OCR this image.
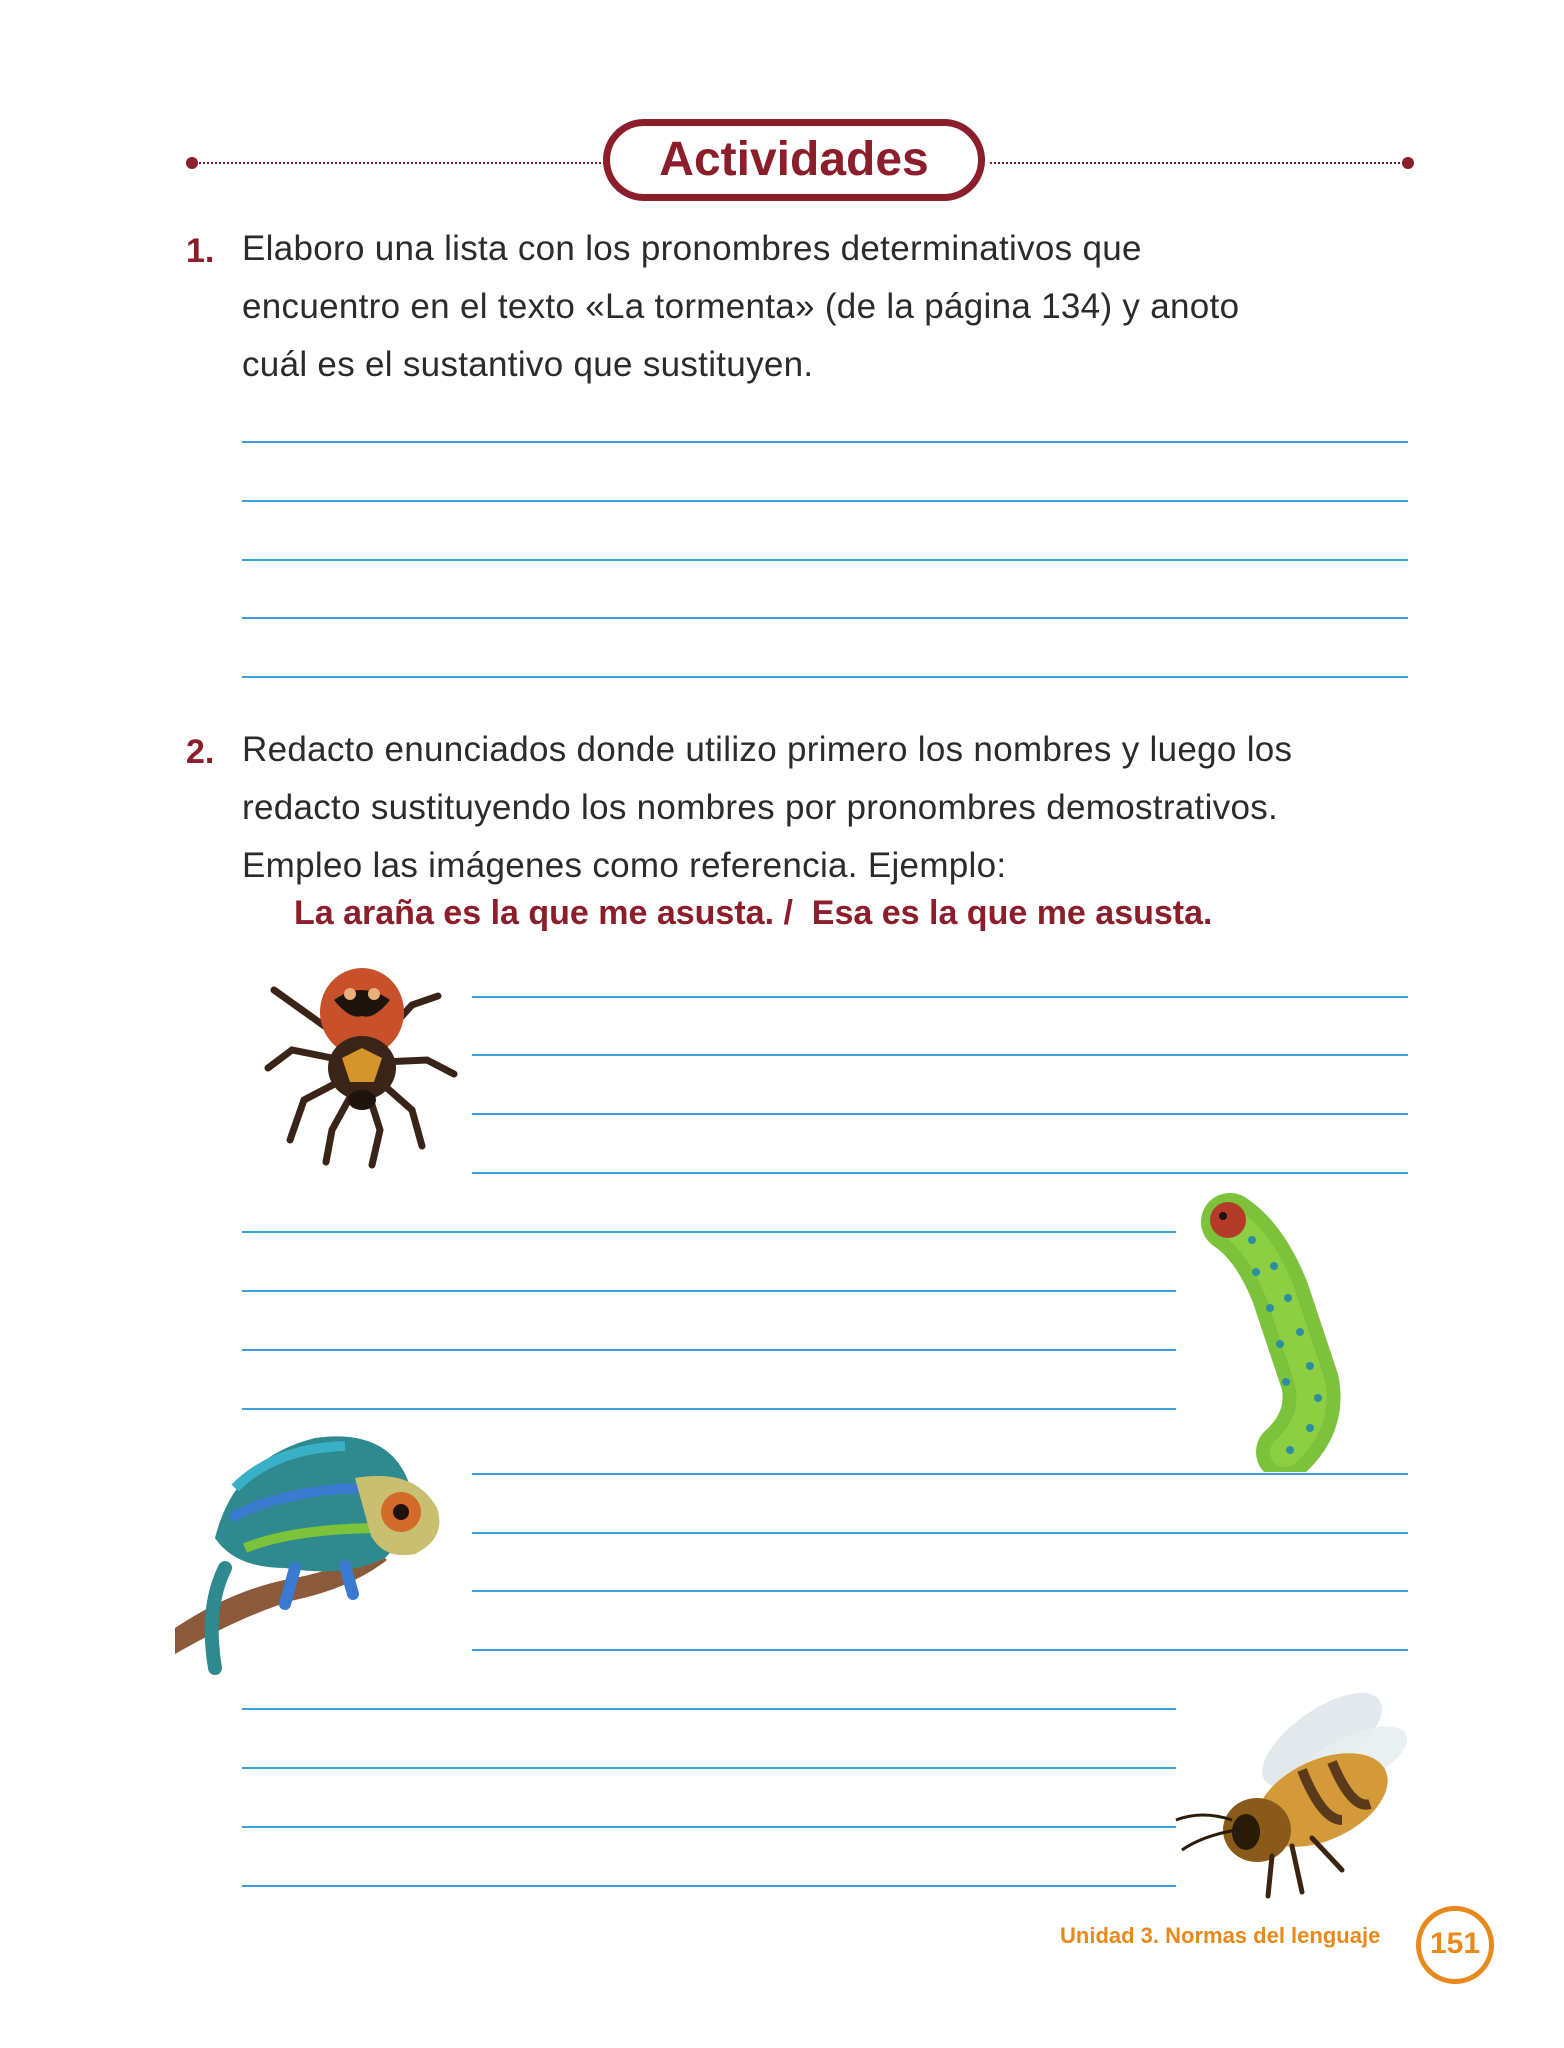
Actividades
1. Elaboro una lista con los pronombres determinativos que
encuentro en el texto «La tormenta» (de la página 134) y anoto
cuál es el sustantivo que sustituyen.
2. Redacto enunciados donde utilizo primero los nombres y luego los
redacto sustituyendo los nombres por pronombres demostrativos.
Empleo las imágenes como referencia. Ejemplo:
La araña es la que me asusta. /  Esa es la que me asusta.
Unidad 3. Normas del lenguaje	151
